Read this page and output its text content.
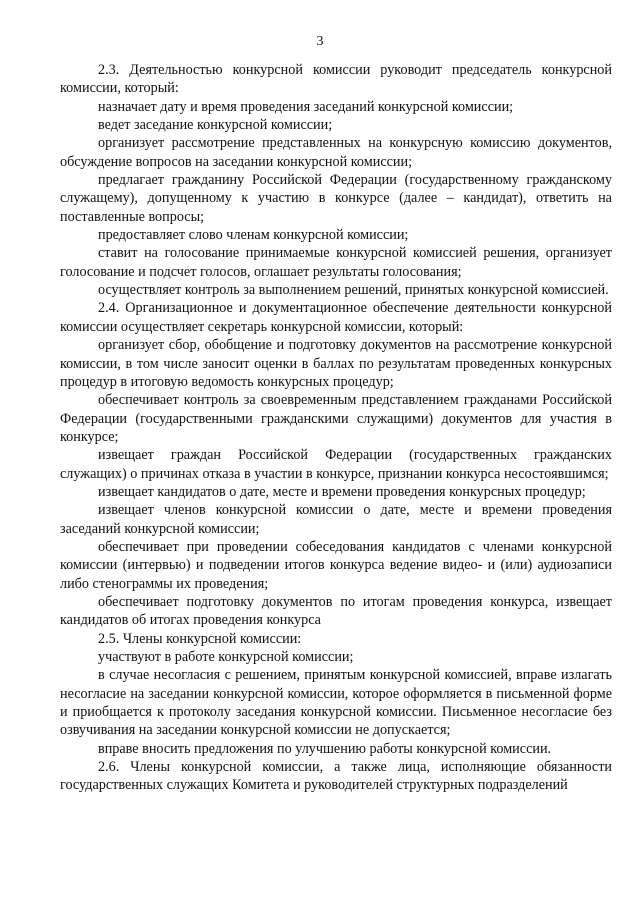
3

2.3. Деятельностью конкурсной комиссии руководит председатель конкурсной комиссии, который:

назначает дату и время проведения заседаний конкурсной комиссии;

ведет заседание конкурсной комиссии;

организует рассмотрение представленных на конкурсную комиссию документов, обсуждение вопросов на заседании конкурсной комиссии;

предлагает гражданину Российской Федерации (государственному гражданскому служащему), допущенному к участию в конкурсе (далее – кандидат), ответить на поставленные вопросы;

предоставляет слово членам конкурсной комиссии;

ставит на голосование принимаемые конкурсной комиссией решения, организует голосование и подсчет голосов, оглашает результаты голосования;

осуществляет контроль за выполнением решений, принятых конкурсной комиссией.

2.4. Организационное и документационное обеспечение деятельности конкурсной комиссии осуществляет секретарь конкурсной комиссии, который:

организует сбор, обобщение и подготовку документов на рассмотрение конкурсной комиссии, в том числе заносит оценки в баллах по результатам проведенных конкурсных процедур в итоговую ведомость конкурсных процедур;

обеспечивает контроль за своевременным представлением гражданами Российской Федерации (государственными гражданскими служащими) документов для участия в конкурсе;

извещает граждан Российской Федерации (государственных гражданских служащих) о причинах отказа в участии в конкурсе, признании конкурса несостоявшимся;

извещает кандидатов о дате, месте и времени проведения конкурсных процедур;

извещает членов конкурсной комиссии о дате, месте и времени проведения заседаний конкурсной комиссии;

обеспечивает при проведении собеседования кандидатов с членами конкурсной комиссии (интервью) и подведении итогов конкурса ведение видео- и (или) аудиозаписи либо стенограммы их проведения;

обеспечивает подготовку документов по итогам проведения конкурса, извещает кандидатов об итогах проведения конкурса

2.5. Члены конкурсной комиссии:

участвуют в работе конкурсной комиссии;

в случае несогласия с решением, принятым конкурсной комиссией, вправе излагать несогласие на заседании конкурсной комиссии, которое оформляется в письменной форме и приобщается к протоколу заседания конкурсной комиссии. Письменное несогласие без озвучивания на заседании конкурсной комиссии не допускается;

вправе вносить предложения по улучшению работы конкурсной комиссии.

2.6. Члены конкурсной комиссии, а также лица, исполняющие обязанности государственных служащих Комитета и руководителей структурных подразделений
